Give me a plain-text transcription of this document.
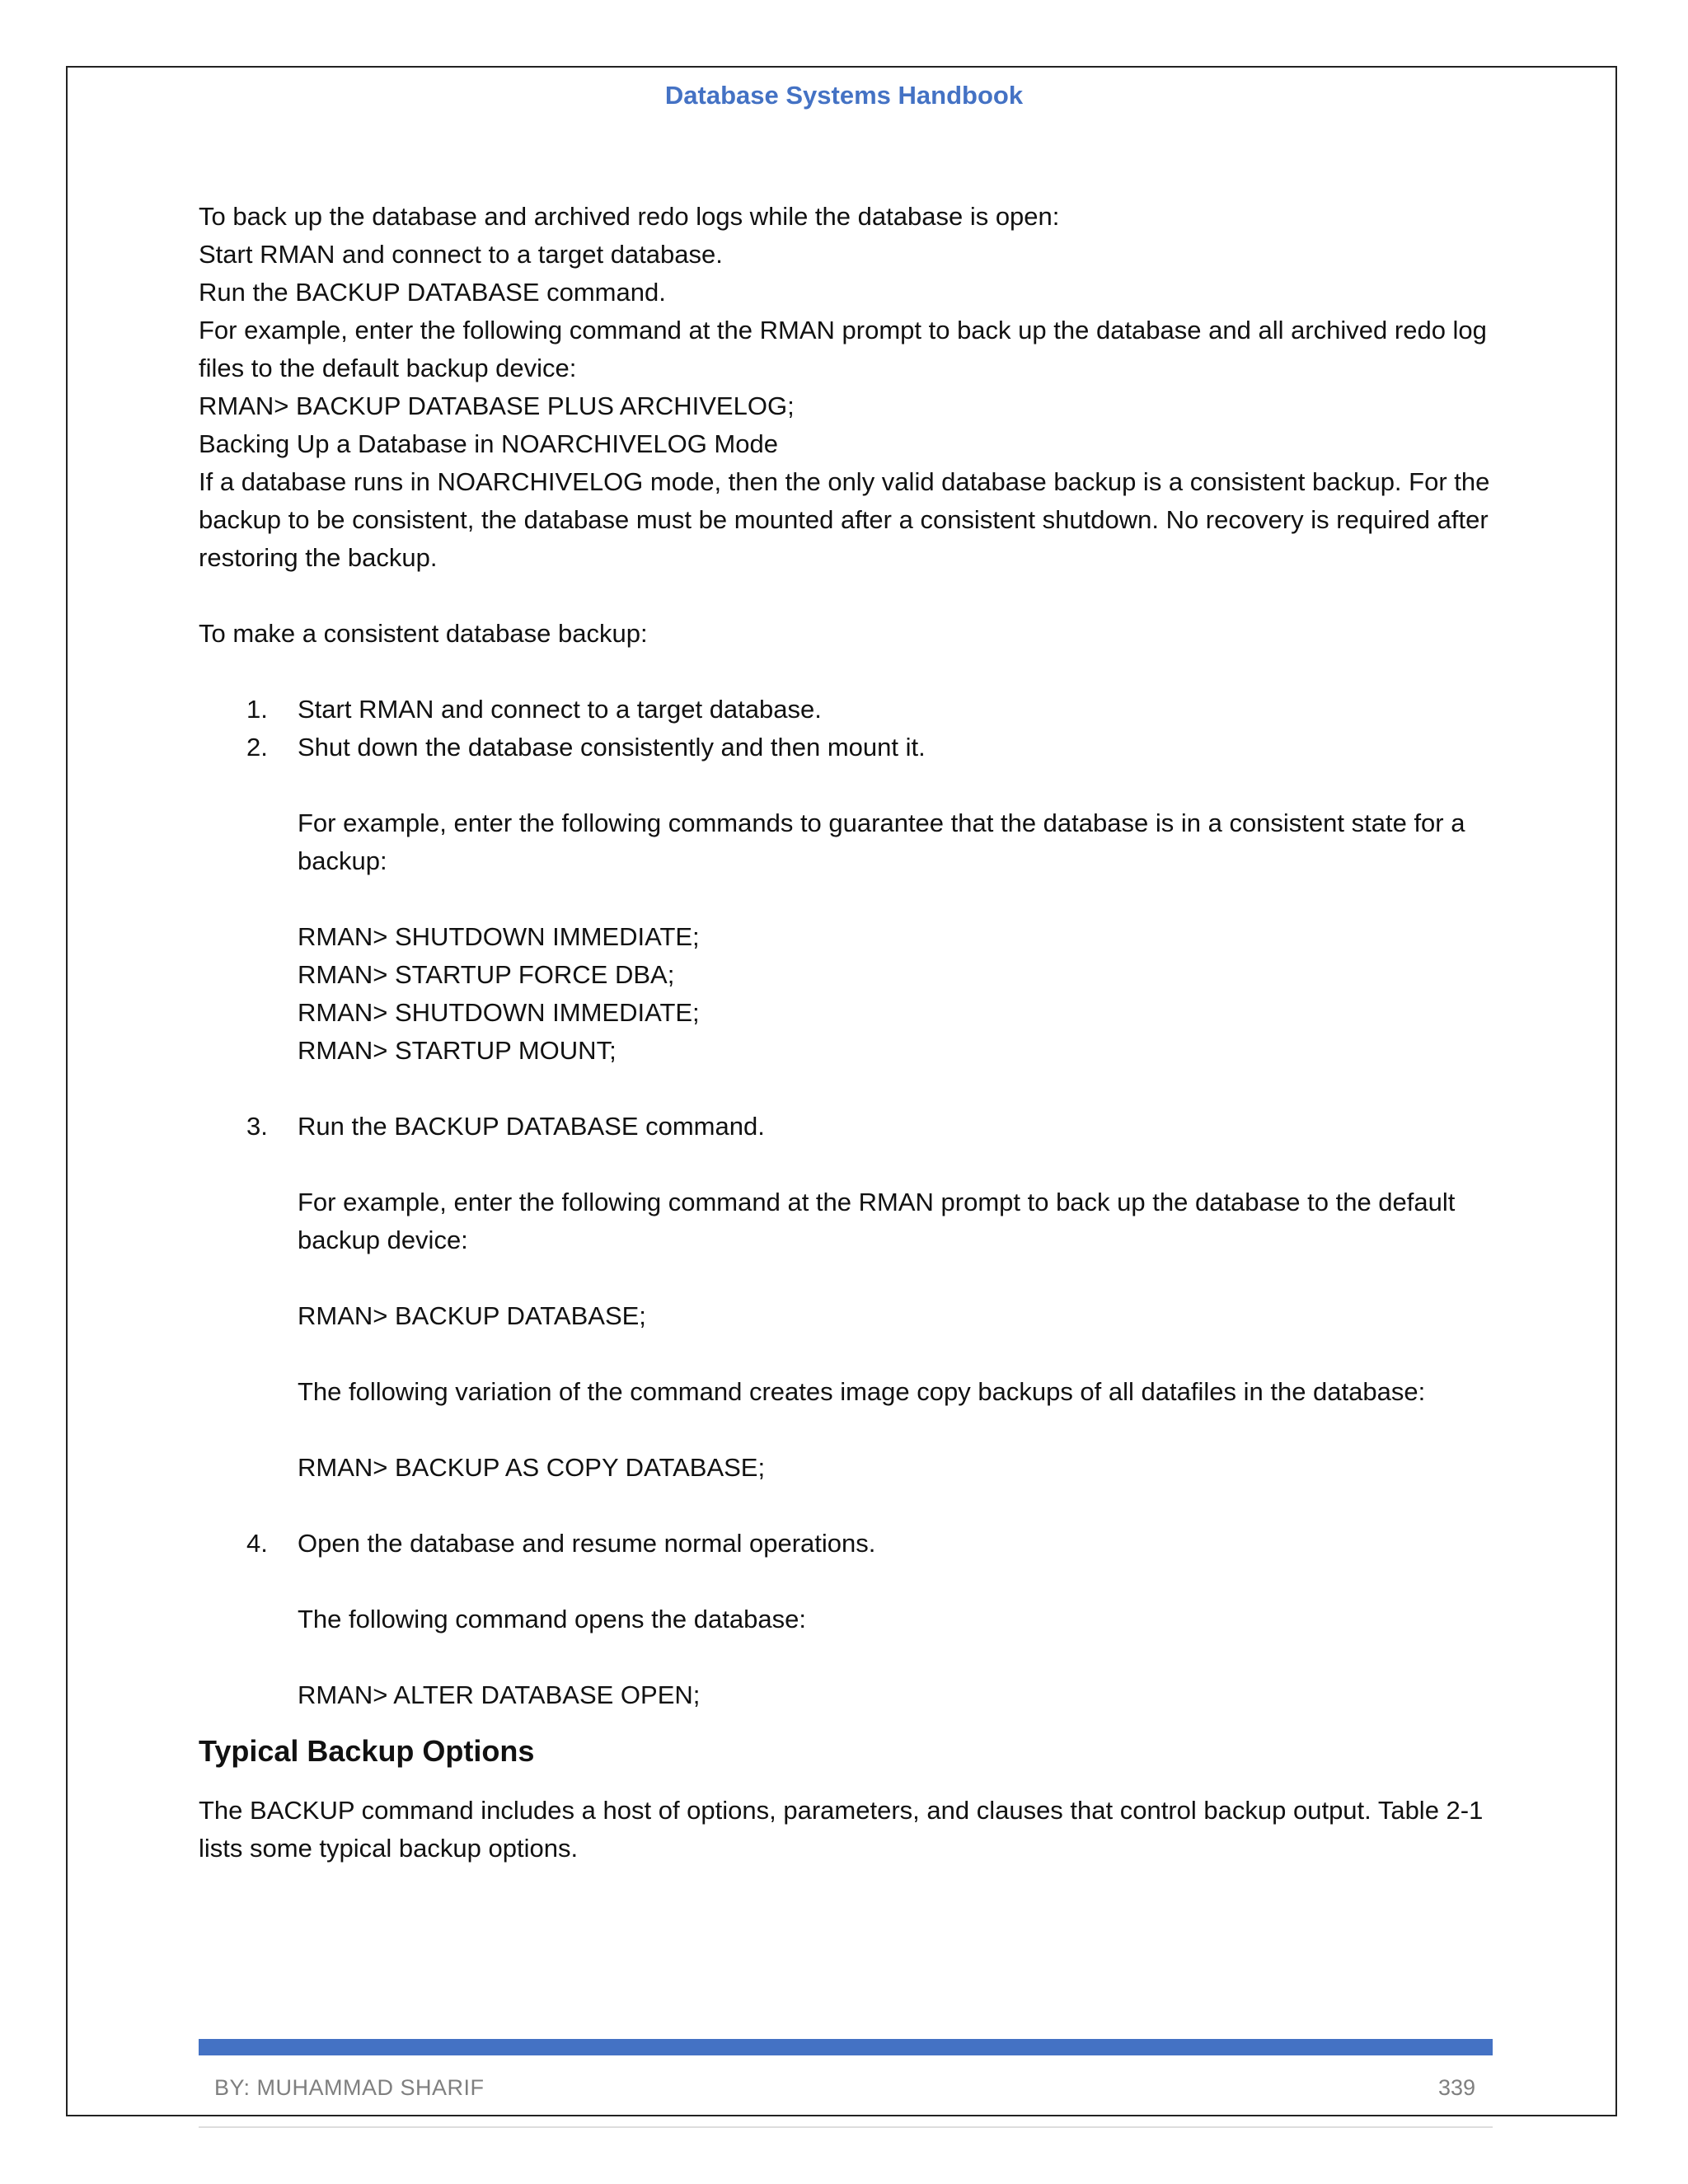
Database Systems Handbook

To back up the database and archived redo logs while the database is open:

Start RMAN and connect to a target database.

Run the BACKUP DATABASE command.

For example, enter the following command at the RMAN prompt to back up the database and all archived redo log files to the default backup device:

RMAN> BACKUP DATABASE PLUS ARCHIVELOG;

Backing Up a Database in NOARCHIVELOG Mode

If a database runs in NOARCHIVELOG mode, then the only valid database backup is a consistent backup. For the backup to be consistent, the database must be mounted after a consistent shutdown. No recovery is required after restoring the backup.

To make a consistent database backup:

1. Start RMAN and connect to a target database.

2. Shut down the database consistently and then mount it.

For example, enter the following commands to guarantee that the database is in a consistent state for a backup:

RMAN> SHUTDOWN IMMEDIATE;

RMAN> STARTUP FORCE DBA;

RMAN> SHUTDOWN IMMEDIATE;

RMAN> STARTUP MOUNT;

3. Run the BACKUP DATABASE command.

For example, enter the following command at the RMAN prompt to back up the database to the default backup device:

RMAN> BACKUP DATABASE;

The following variation of the command creates image copy backups of all datafiles in the database:

RMAN> BACKUP AS COPY DATABASE;

4. Open the database and resume normal operations.

The following command opens the database:

RMAN> ALTER DATABASE OPEN;

Typical Backup Options

The BACKUP command includes a host of options, parameters, and clauses that control backup output. Table 2-1 lists some typical backup options.

BY: MUHAMMAD SHARIF	339
